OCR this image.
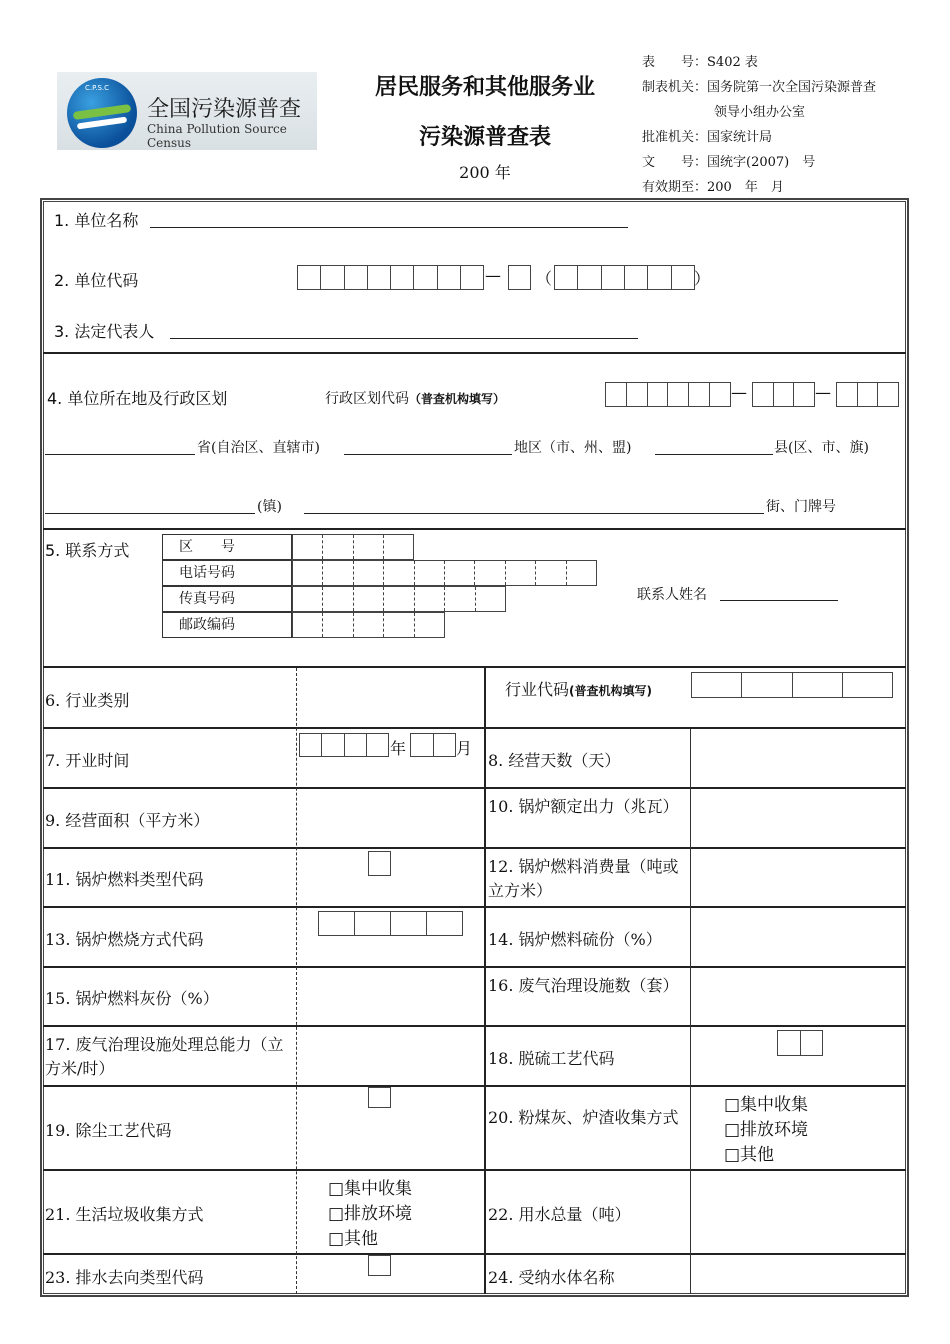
C.P.S.C
全国污染源普查
China Pollution Source Census
居民服务和其他服务业
污染源普查表
200 年
表　　号：S402 表
制表机关：国务院第一次全国污染源普查
领导小组办公室
批准机关：国家统计局
文　　号：国统字(2007)　号
有效期至：200　年　月
1. 单位名称
2. 单位代码	— （	）
3. 法定代表人
4. 单位所在地及行政区划	行政区划代码（普查机构填写）	—	—
省(自治区、直辖市)	地区（市、州、盟)	县(区、市、旗)
(镇)	街、门牌号
5. 联系方式	区　　号
电话号码
传真号码
邮政编码
联系人姓名
6. 行业类别
行业代码(普查机构填写)
7. 开业时间
年	月
8. 经营天数（天）
9. 经营面积（平方米）
10. 锅炉额定出力（兆瓦）
11. 锅炉燃料类型代码
12. 锅炉燃料消费量（吨或立方米）
13. 锅炉燃烧方式代码	14. 锅炉燃料硫份（%）
15. 锅炉燃料灰份（%）
16. 废气治理设施数（套）
17. 废气治理设施处理总能力（立方米/时）
18. 脱硫工艺代码
19. 除尘工艺代码
20. 粉煤灰、炉渣收集方式
□集中收集
□排放环境
□其他
21. 生活垃圾收集方式
□集中收集
□排放环境
□其他
22. 用水总量（吨）
23. 排水去向类型代码	24. 受纳水体名称
